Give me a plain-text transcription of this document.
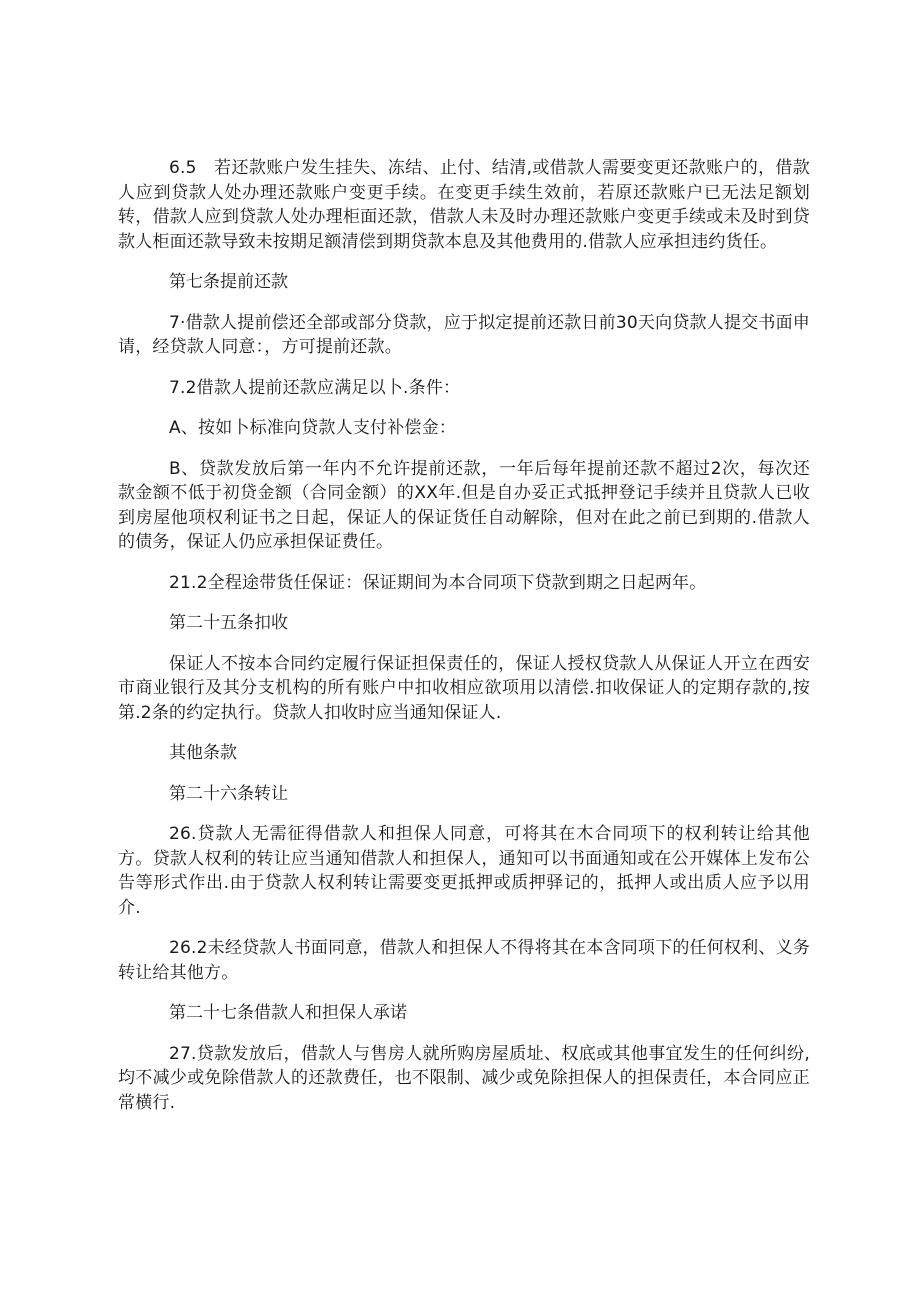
6.5　若还款账户发生挂失、冻结、止付、结清,或借款人需要变更还款账户的，借款人应到贷款人处办理还款账户变更手续。在变更手续生效前，若原还款账户已无法足额划转，借款人应到贷款人处办理柜面还款，借款人未及时办理还款账户变更手续或未及时到贷款人柜面还款导致未按期足额清偿到期贷款本息及其他费用的.借款人应承担违约货任。

第七条提前还款

7·借款人提前偿还全部或部分贷款，应于拟定提前还款日前30天向贷款人提交书面申请，经贷款人同意：，方可提前还款。

7.2借款人提前还款应满足以卜.条件：

A、按如卜标准向贷款人支付补偿金：

B、贷款发放后第一年内不允许提前还款，一年后每年提前还款不超过2次，每次还款金额不低于初贷金额（合同金额）的XX年.但是自办妥正式抵押登记手续并且贷款人已收到房屋他项权利证书之日起，保证人的保证货任自动解除，但对在此之前已到期的.借款人的债务，保证人仍应承担保证费任。

21.2全程途带货任保证：保证期间为本合同项下贷款到期之日起两年。

第二十五条扣收

保证人不按本合同约定履行保证担保责任的，保证人授权贷款人从保证人开立在西安市商业银行及其分支机构的所有账户中扣收相应欲项用以清偿.扣收保证人的定期存款的,按第.2条的约定执行。贷款人扣收时应当通知保证人.

其他条款

第二十六条转让

26.贷款人无需征得借款人和担保人同意，可将其在木合同项下的权利转让给其他方。贷款人权利的转让应当通知借款人和担保人，通知可以书面通知或在公开媒体上发布公告等形式作出.由于贷款人权利转让需要变更抵押或质押驿记的，抵押人或出质人应予以用介.

26.2未经贷款人书面同意，借款人和担保人不得将其在本含同项下的任何权利、义务转让给其他方。

第二十七条借款人和担保人承诺

27.贷款发放后，借款人与售房人就所购房屋质址、权底或其他事宜发生的任何纠纷,均不减少或免除借款人的还款费任，也不限制、减少或免除担保人的担保责任，本合同应正常横行.
